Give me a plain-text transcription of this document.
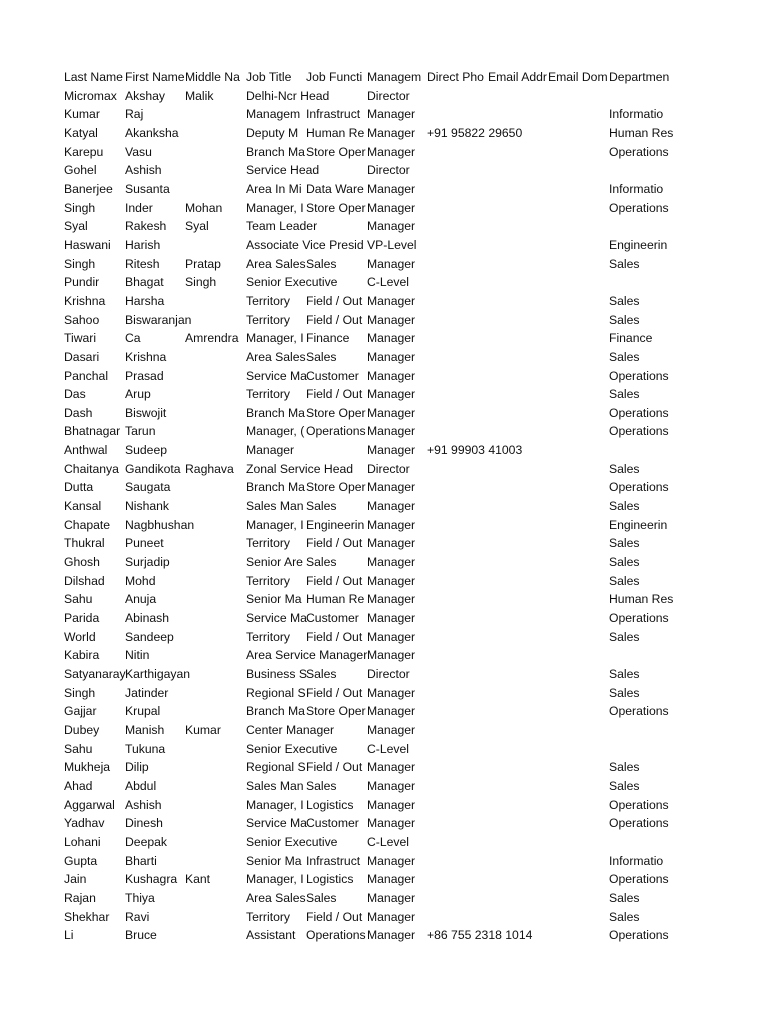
Last Name	First Name	Middle Na	Job Title	Job Functi	Managem	Direct Pho	Email Addr	Email Dom	Departmen
Micromax	Akshay	Malik	Delhi-Ncr Head		Director				
Kumar	Raj		Managem	Infrastruct	Manager				Informatio
Katyal	Akanksha		Deputy M	Human Re	Manager	+91 95822 29650			Human Res
Karepu	Vasu		Branch Ma	Store Oper	Manager				Operations
Gohel	Ashish		Service Head		Director				
Banerjee	Susanta		Area In Mi	Data Ware	Manager				Informatio
Singh	Inder	Mohan	Manager, I	Store Oper	Manager				Operations
Syal	Rakesh	Syal	Team Leader		Manager				
Haswani	Harish		Associate Vice Presid		VP-Level				Engineerin
Singh	Ritesh	Pratap	Area Sales	Sales	Manager				Sales
Pundir	Bhagat	Singh	Senior Executive		C-Level				
Krishna	Harsha		Territory	Field / Out	Manager				Sales
Sahoo	Biswaranjan		Territory	Field / Out	Manager				Sales
Tiwari	Ca	Amrendra	Manager, I	Finance	Manager				Finance
Dasari	Krishna		Area Sales	Sales	Manager				Sales
Panchal	Prasad		Service Ma	Customer	Manager				Operations
Das	Arup		Territory	Field / Out	Manager				Sales
Dash	Biswojit		Branch Ma	Store Oper	Manager				Operations
Bhatnagar	Tarun		Manager, (	Operations	Manager				Operations
Anthwal	Sudeep		Manager		Manager	+91 99903 41003			
Chaitanya	Gandikota	Raghava	Zonal Service Head		Director				Sales
Dutta	Saugata		Branch Ma	Store Oper	Manager				Operations
Kansal	Nishank		Sales Man	Sales	Manager				Sales
Chapate	Nagbhushan		Manager, I	Engineerin	Manager				Engineerin
Thukral	Puneet		Territory	Field / Out	Manager				Sales
Ghosh	Surjadip		Senior Are	Sales	Manager				Sales
Dilshad	Mohd		Territory	Field / Out	Manager				Sales
Sahu	Anuja		Senior Ma	Human Re	Manager				Human Res
Parida	Abinash		Service Ma	Customer	Manager				Operations
World	Sandeep		Territory	Field / Out	Manager				Sales
Kabira	Nitin		Area Service Manager		Manager				
Satyanaray	Karthigayan		Business S	Sales	Director				Sales
Singh	Jatinder		Regional S	Field / Out	Manager				Sales
Gajjar	Krupal		Branch Ma	Store Oper	Manager				Operations
Dubey	Manish	Kumar	Center Manager		Manager				
Sahu	Tukuna		Senior Executive		C-Level				
Mukheja	Dilip		Regional S	Field / Out	Manager				Sales
Ahad	Abdul		Sales Man	Sales	Manager				Sales
Aggarwal	Ashish		Manager, I	Logistics	Manager				Operations
Yadhav	Dinesh		Service Ma	Customer	Manager				Operations
Lohani	Deepak		Senior Executive		C-Level				
Gupta	Bharti		Senior Ma	Infrastruct	Manager				Informatio
Jain	Kushagra	Kant	Manager, I	Logistics	Manager				Operations
Rajan	Thiya		Area Sales	Sales	Manager				Sales
Shekhar	Ravi		Territory	Field / Out	Manager				Sales
Li	Bruce		Assistant	Operations	Manager	+86 755 2318 1014			Operations
